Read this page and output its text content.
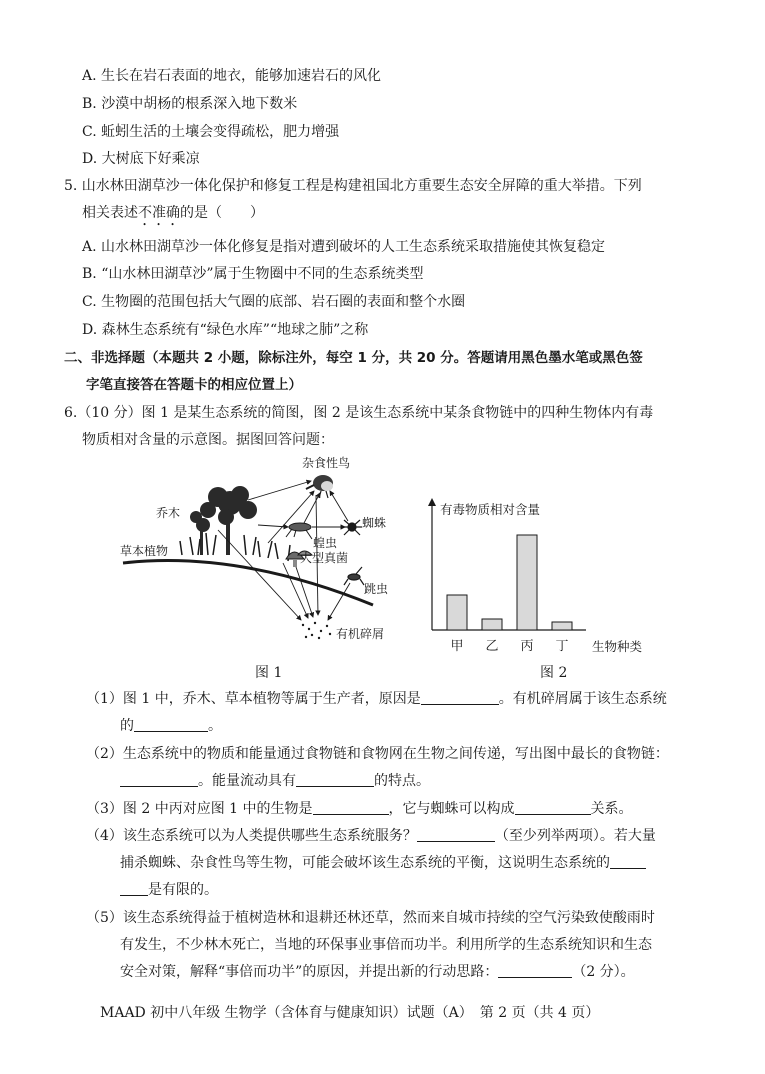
A. 生长在岩石表面的地衣，能够加速岩石的风化
B. 沙漠中胡杨的根系深入地下数米
C. 蚯蚓生活的土壤会变得疏松，肥力增强
D. 大树底下好乘凉
5. 山水林田湖草沙一体化保护和修复工程是构建祖国北方重要生态安全屏障的重大举措。下列
相关表述不准确的是（　　）
A. 山水林田湖草沙一体化修复是指对遭到破坏的人工生态系统采取措施使其恢复稳定
B. “山水林田湖草沙”属于生物圈中不同的生态系统类型
C. 生物圈的范围包括大气圈的底部、岩石圈的表面和整个水圈
D. 森林生态系统有“绿色水库”“地球之肺”之称
二、非选择题（本题共 2 小题，除标注外，每空 1 分，共 20 分。答题请用黑色墨水笔或黑色签
字笔直接答在答题卡的相应位置上）
6.（10 分）图 1 是某生态系统的简图，图 2 是该生态系统中某条食物链中的四种生物体内有毒
物质相对含量的示意图。据图回答问题：
杂食性鸟
乔木
蜘蛛
蝗虫
草本植物	大型真菌
跳虫
有机碎屑
甲 乙 丙 丁
有毒物质相对含量
生物种类
图 1	图 2
（1）图 1 中，乔木、草本植物等属于生产者，原因是	。有机碎屑属于该生态系统
的	。
（2）生态系统中的物质和能量通过食物链和食物网在生物之间传递，写出图中最长的食物链：
。能量流动具有	的特点。
（3）图 2 中丙对应图 1 中的生物是	，它与蜘蛛可以构成	关系。
（4）该生态系统可以为人类提供哪些生态系统服务？	（至少列举两项）。若大量
捕杀蜘蛛、杂食性鸟等生物，可能会破坏该生态系统的平衡，这说明生态系统的
是有限的。
（5）该生态系统得益于植树造林和退耕还林还草，然而来自城市持续的空气污染致使酸雨时
有发生，不少林木死亡，当地的环保事业事倍而功半。利用所学的生态系统知识和生态
安全对策，解释“事倍而功半”的原因，并提出新的行动思路：	（2 分）。
MAAD 初中八年级 生物学（含体育与健康知识）试题（A）　第 2 页（共 4 页）
